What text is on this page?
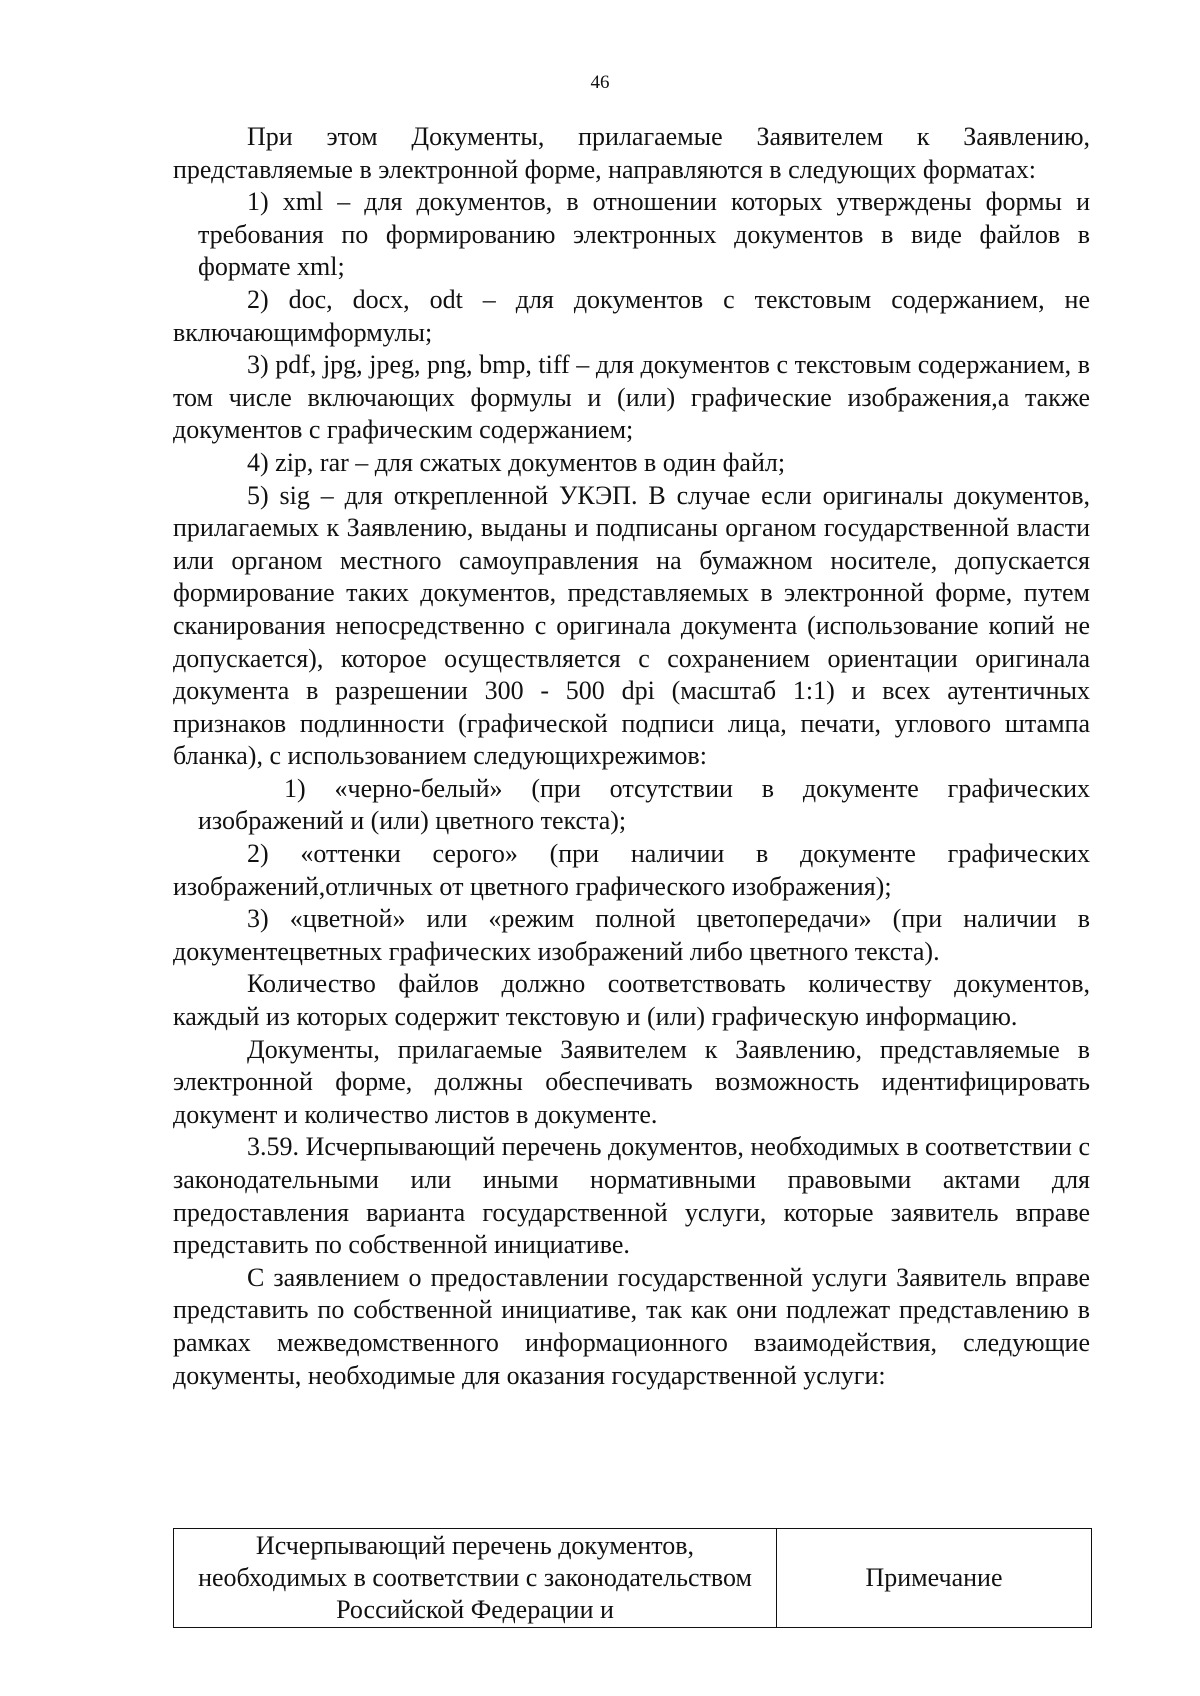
46

При этом Документы, прилагаемые Заявителем к Заявлению, представляемые в электронной форме, направляются в следующих форматах:

1) xml – для документов, в отношении которых утверждены формы и требования по формированию электронных документов в виде файлов в формате xml;

2) doc, docx, odt – для документов с текстовым содержанием, не включающимформулы;

3) pdf, jpg, jpeg, png, bmp, tiff – для документов с текстовым содержанием, в том числе включающих формулы и (или) графические изображения,а также документов с графическим содержанием;

4) zip, rar – для сжатых документов в один файл;

5) sig – для открепленной УКЭП. В случае если оригиналы документов, прилагаемых к Заявлению, выданы и подписаны органом государственной власти или органом местного самоуправления на бумажном носителе, допускается формирование таких документов, представляемых в электронной форме, путем сканирования непосредственно с оригинала документа (использование копий не допускается), которое осуществляется с сохранением ориентации оригинала документа в разрешении 300 - 500 dpi (масштаб 1:1) и всех аутентичных признаков подлинности (графической подписи лица, печати, углового штампа бланка), с использованием следующихрежимов:

1) «черно-белый» (при отсутствии в документе графических изображений и (или) цветного текста);

2) «оттенки серого» (при наличии в документе графических изображений,отличных от цветного графического изображения);

3) «цветной» или «режим полной цветопередачи» (при наличии в документецветных графических изображений либо цветного текста).

Количество файлов должно соответствовать количеству документов, каждый из которых содержит текстовую и (или) графическую информацию.

Документы, прилагаемые Заявителем к Заявлению, представляемые в электронной форме, должны обеспечивать возможность идентифицировать документ и количество листов в документе.

3.59. Исчерпывающий перечень документов, необходимых в соответствии с законодательными или иными нормативными правовыми актами для предоставления варианта государственной услуги, которые заявитель вправе представить по собственной инициативе.

С заявлением о предоставлении государственной услуги Заявитель вправе представить по собственной инициативе, так как они подлежат представлению в рамках межведомственного информационного взаимодействия, следующие документы, необходимые для оказания государственной услуги:

Исчерпывающий перечень документов, необходимых в соответствии с законодательством Российской Федерации и	Примечание
